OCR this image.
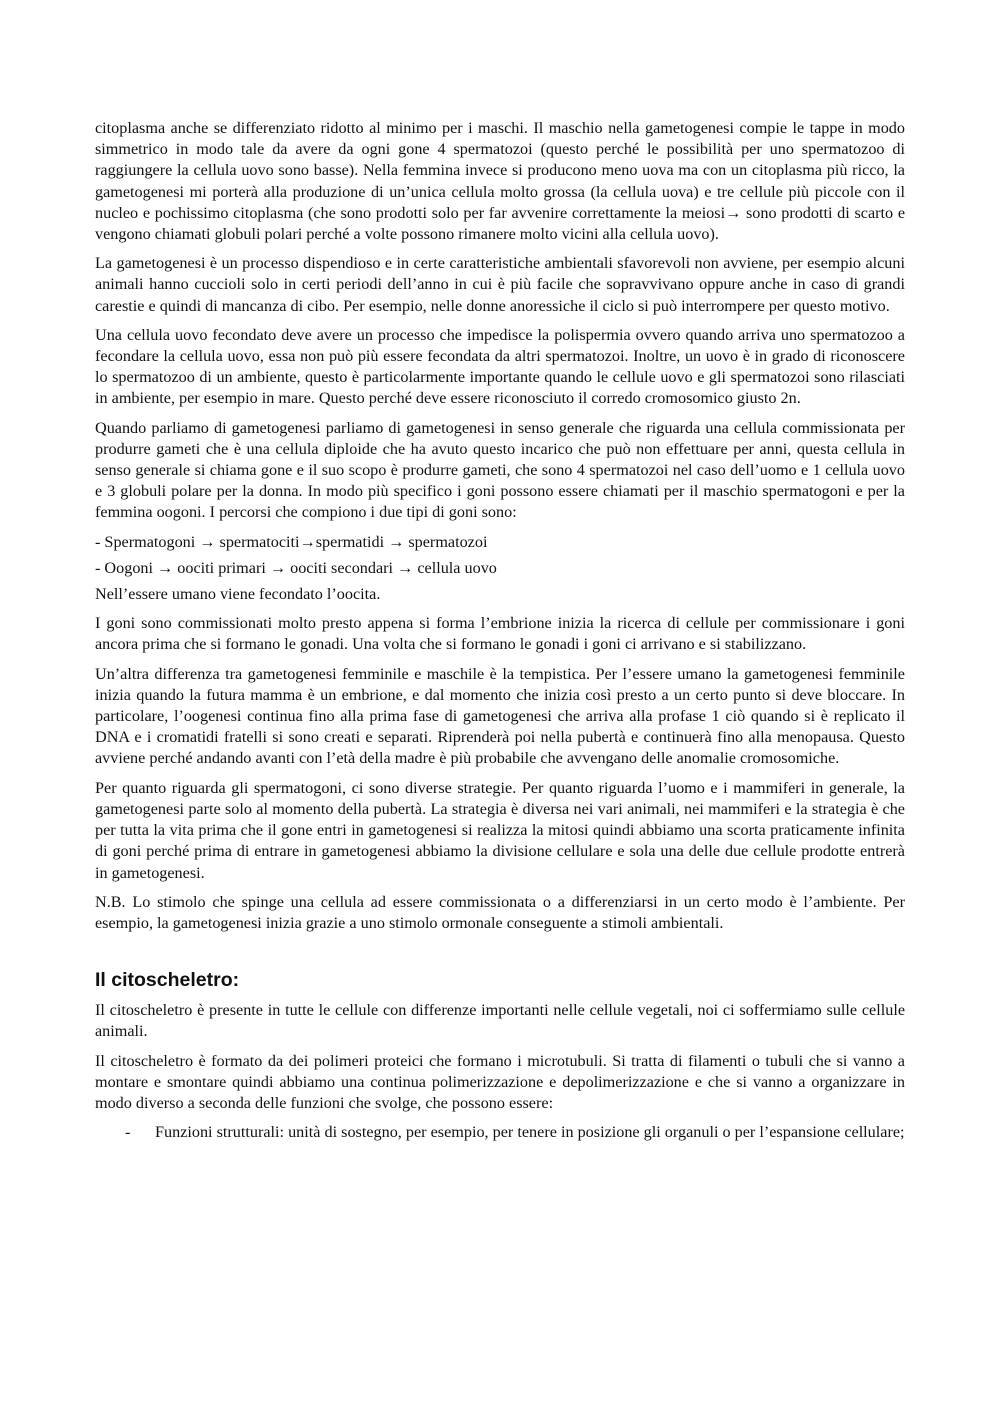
citoplasma anche se differenziato ridotto al minimo per i maschi. Il maschio nella gametogenesi compie le tappe in modo simmetrico in modo tale da avere da ogni gone 4 spermatozoi (questo perché le possibilità per uno spermatozoo di raggiungere la cellula uovo sono basse). Nella femmina invece si producono meno uova ma con un citoplasma più ricco, la gametogenesi mi porterà alla produzione di un’unica cellula molto grossa (la cellula uova) e tre cellule più piccole con il nucleo e pochissimo citoplasma (che sono prodotti solo per far avvenire correttamente la meiosi→ sono prodotti di scarto e vengono chiamati globuli polari perché a volte possono rimanere molto vicini alla cellula uovo).

La gametogenesi è un processo dispendioso e in certe caratteristiche ambientali sfavorevoli non avviene, per esempio alcuni animali hanno cuccioli solo in certi periodi dell’anno in cui è più facile che sopravvivano oppure anche in caso di grandi carestie e quindi di mancanza di cibo. Per esempio, nelle donne anoressiche il ciclo si può interrompere per questo motivo.

Una cellula uovo fecondato deve avere un processo che impedisce la polispermia ovvero quando arriva uno spermatozoo a fecondare la cellula uovo, essa non può più essere fecondata da altri spermatozoi. Inoltre, un uovo è in grado di riconoscere lo spermatozoo di un ambiente, questo è particolarmente importante quando le cellule uovo e gli spermatozoi sono rilasciati in ambiente, per esempio in mare. Questo perché deve essere riconosciuto il corredo cromosomico giusto 2n.

Quando parliamo di gametogenesi parliamo di gametogenesi in senso generale che riguarda una cellula commissionata per produrre gameti che è una cellula diploide che ha avuto questo incarico che può non effettuare per anni, questa cellula in senso generale si chiama gone e il suo scopo è produrre gameti, che sono 4 spermatozoi nel caso dell’uomo e 1 cellula uovo e 3 globuli polare per la donna. In modo più specifico i goni possono essere chiamati per il maschio spermatogoni e per la femmina oogoni. I percorsi che compiono i due tipi di goni sono:

- Spermatogoni → spermatociti→spermatidi → spermatozoi

- Oogoni → oociti primari → oociti secondari → cellula uovo

Nell’essere umano viene fecondato l’oocita.

I goni sono commissionati molto presto appena si forma l’embrione inizia la ricerca di cellule per commissionare i goni ancora prima che si formano le gonadi. Una volta che si formano le gonadi i goni ci arrivano e si stabilizzano.

Un’altra differenza tra gametogenesi femminile e maschile è la tempistica. Per l’essere umano la gametogenesi femminile inizia quando la futura mamma è un embrione, e dal momento che inizia così presto a un certo punto si deve bloccare. In particolare, l’oogenesi continua fino alla prima fase di gametogenesi che arriva alla profase 1 ciò quando si è replicato il DNA e i cromatidi fratelli si sono creati e separati. Riprenderà poi nella pubertà e continuerà fino alla menopausa. Questo avviene perché andando avanti con l’età della madre è più probabile che avvengano delle anomalie cromosomiche.

Per quanto riguarda gli spermatogoni, ci sono diverse strategie. Per quanto riguarda l’uomo e i mammiferi in generale, la gametogenesi parte solo al momento della pubertà. La strategia è diversa nei vari animali, nei mammiferi e la strategia è che per tutta la vita prima che il gone entri in gametogenesi si realizza la mitosi quindi abbiamo una scorta praticamente infinita di goni perché prima di entrare in gametogenesi abbiamo la divisione cellulare e sola una delle due cellule prodotte entrerà in gametogenesi.

N.B. Lo stimolo che spinge una cellula ad essere commissionata o a differenziarsi in un certo modo è l’ambiente. Per esempio, la gametogenesi inizia grazie a uno stimolo ormonale conseguente a stimoli ambientali.

Il citoscheletro:

Il citoscheletro è presente in tutte le cellule con differenze importanti nelle cellule vegetali, noi ci soffermiamo sulle cellule animali.

Il citoscheletro è formato da dei polimeri proteici che formano i microtubuli. Si tratta di filamenti o tubuli che si vanno a montare e smontare quindi abbiamo una continua polimerizzazione e depolimerizzazione e che si vanno a organizzare in modo diverso a seconda delle funzioni che svolge, che possono essere:

- Funzioni strutturali: unità di sostegno, per esempio, per tenere in posizione gli organuli o per l’espansione cellulare;
